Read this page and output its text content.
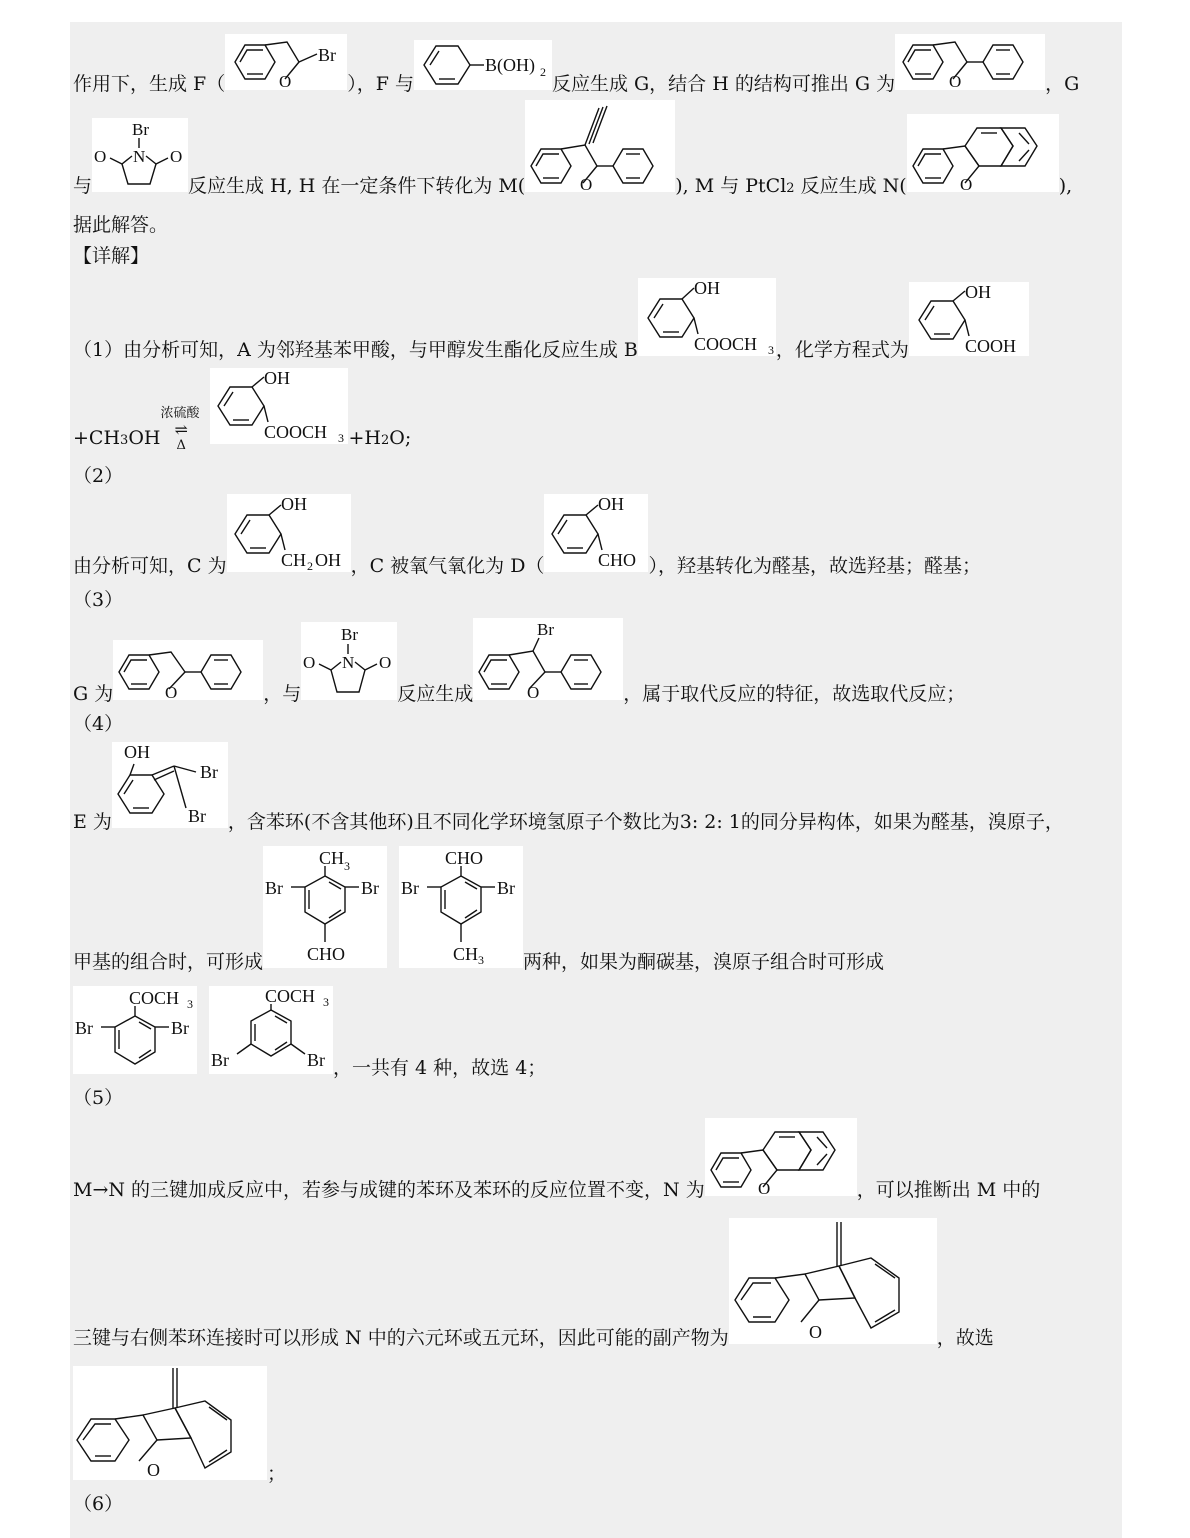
作用下，生成 F（	O
Br
），F 与
B(OH) 2
反应生成 G，结合 H 的结构可推出 G 为	O	，G
与
Br
N
O	O
反应生成 H, H 在一定条件下转化为 M(	O	), M 与 PtCl2 反应生成 N(	O	),
据此解答。
【详解】
（1）由分析可知，A 为邻羟基苯甲酸，与甲醇发生酯化反应生成 B
OH
COOCH 3 ，化学方程式为
OH
COOH
+CH3OH
浓硫酸
⇌
Δ
OH
COOCH 3 +H2O;
（2）
由分析可知，C 为
OH
CH 2 OH ，C 被氧气氧化为 D（
OH
CHO ），羟基转化为醛基，故选羟基；醛基；
（3）
G 为	O	，与
Br
N
O	O
反应生成
Br
O	，属于取代反应的特征，故选取代反应；
（4）
E 为
OH
Br
Br ，含苯环(不含其他环)且不同化学环境氢原子个数比为3: 2: 1的同分异构体，如果为醛基，溴原子，
甲基的组合时，可形成
CH 3
Br	Br
CHO
CHO
Br	Br
CH 3 两种，如果为酮碳基，溴原子组合时可形成
COCH 3
Br	Br
COCH 3
Br	Br ，一共有 4 种，故选 4；
（5）
M→N 的三键加成反应中，若参与成键的苯环及苯环的反应位置不变，N 为	O	，可以推断出 M 中的
三键与右侧苯环连接时可以形成 N 中的六元环或五元环，因此可能的副产物为	O	，故选
O	；
（6）
